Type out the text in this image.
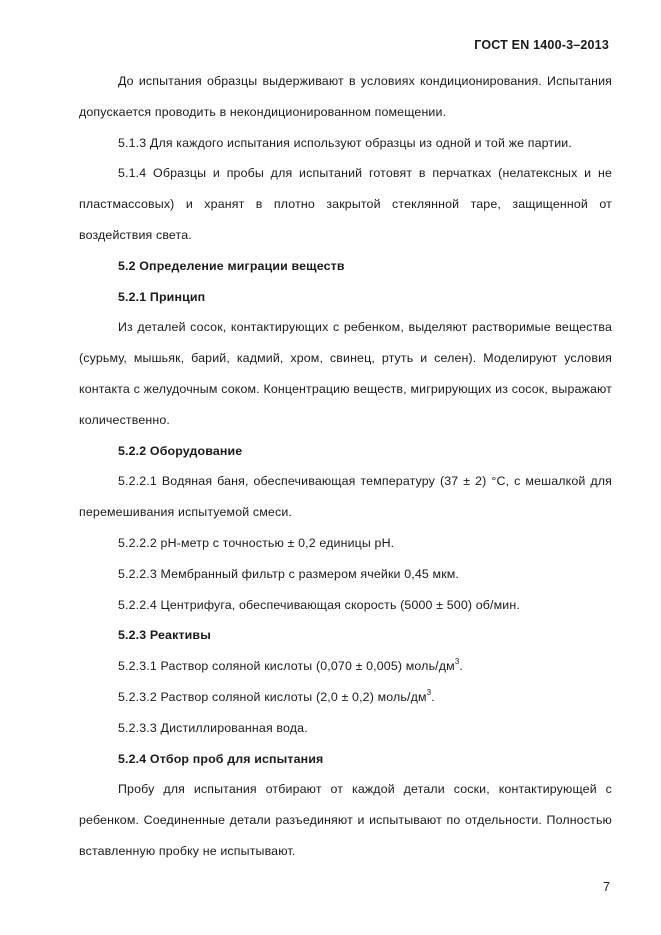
ГОСТ EN 1400-3–2013

До испытания образцы выдерживают в условиях кондиционирования. Испытания допускается проводить в некондиционированном помещении.

5.1.3 Для каждого испытания используют образцы из одной и той же партии.

5.1.4 Образцы и пробы для испытаний готовят в перчатках (нелатексных и не пластмассовых) и хранят в плотно закрытой стеклянной таре, защищенной от воздействия света.

5.2 Определение миграции веществ

5.2.1 Принцип

Из деталей сосок, контактирующих с ребенком, выделяют растворимые вещества (сурьму, мышьяк, барий, кадмий, хром, свинец, ртуть и селен). Моделируют условия контакта с желудочным соком. Концентрацию веществ, мигрирующих из сосок, выражают количественно.

5.2.2 Оборудование

5.2.2.1 Водяная баня, обеспечивающая температуру (37 ± 2) °С, с мешалкой для перемешивания испытуемой смеси.

5.2.2.2 pH-метр с точностью ± 0,2 единицы pH.

5.2.2.3 Мембранный фильтр с размером ячейки 0,45 мкм.

5.2.2.4 Центрифуга, обеспечивающая скорость (5000 ± 500) об/мин.

5.2.3 Реактивы

5.2.3.1 Раствор соляной кислоты (0,070 ± 0,005) моль/$дм^3$.

5.2.3.2 Раствор соляной кислоты (2,0 ± 0,2) моль/$дм^3$.

5.2.3.3 Дистиллированная вода.

5.2.4 Отбор проб для испытания

Пробу для испытания отбирают от каждой детали соски, контактирующей с ребенком. Соединенные детали разъединяют и испытывают по отдельности. Полностью вставленную пробку не испытывают.

7
